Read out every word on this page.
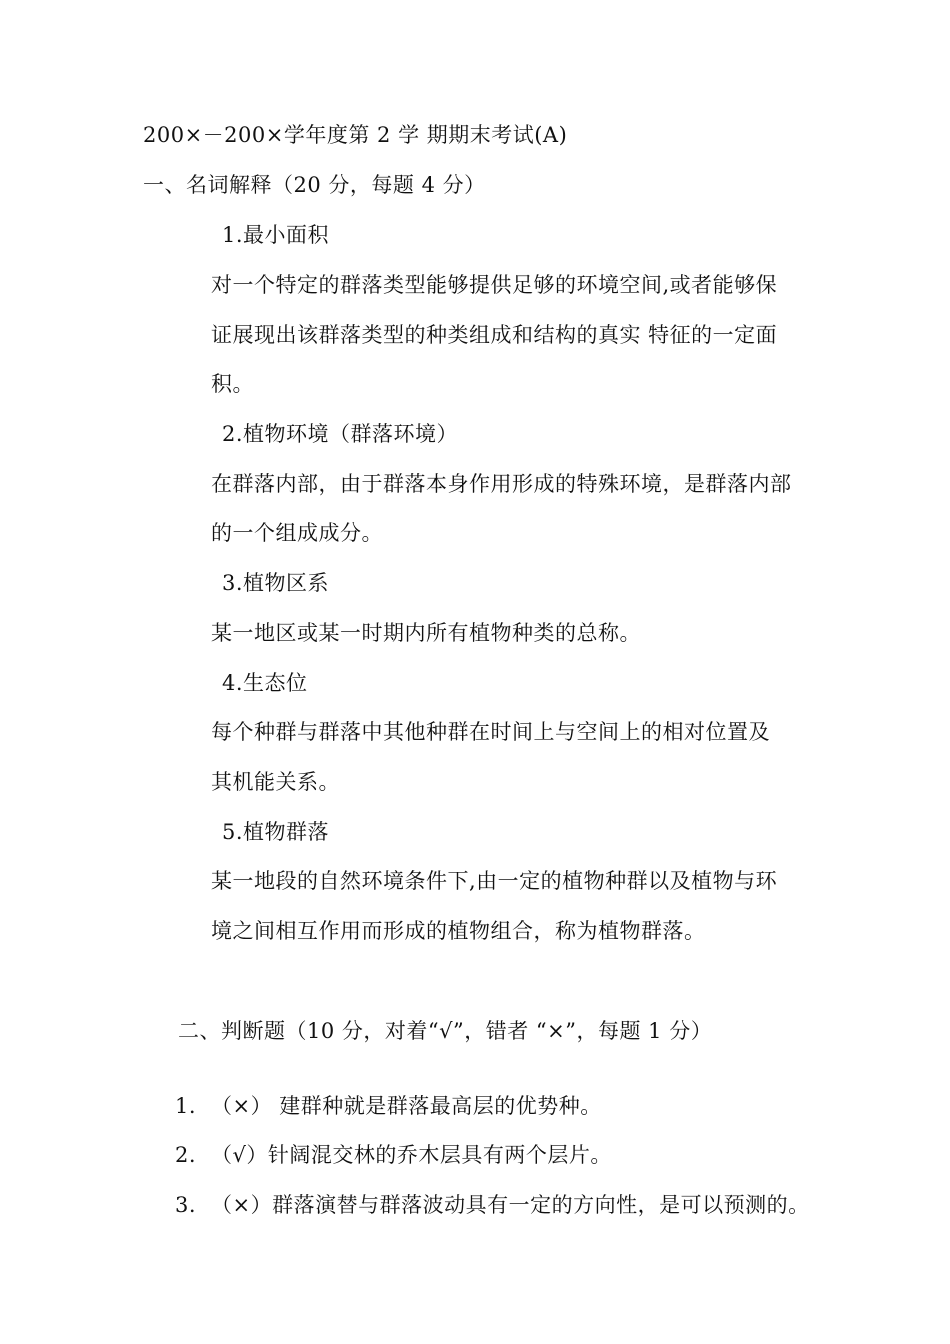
200×－200×学年度第 2 学 期期末考试(A)
一、名词解释（20 分，每题 4 分）
1.最小面积
对一个特定的群落类型能够提供足够的环境空间,或者能够保
证展现出该群落类型的种类组成和结构的真实 特征的一定面
积。
2.植物环境（群落环境）
在群落内部，由于群落本身作用形成的特殊环境，是群落内部
的一个组成成分。
3.植物区系
某一地区或某一时期内所有植物种类的总称。
4.生态位
每个种群与群落中其他种群在时间上与空间上的相对位置及
其机能关系。
5.植物群落
某一地段的自然环境条件下,由一定的植物种群以及植物与环
境之间相互作用而形成的植物组合，称为植物群落。
二、判断题（10 分，对着“√”，错者 “×”，每题 1 分）
1. （×） 建群种就是群落最高层的优势种。
2. （√）针阔混交林的乔木层具有两个层片。
3. （×）群落演替与群落波动具有一定的方向性，是可以预测的。
